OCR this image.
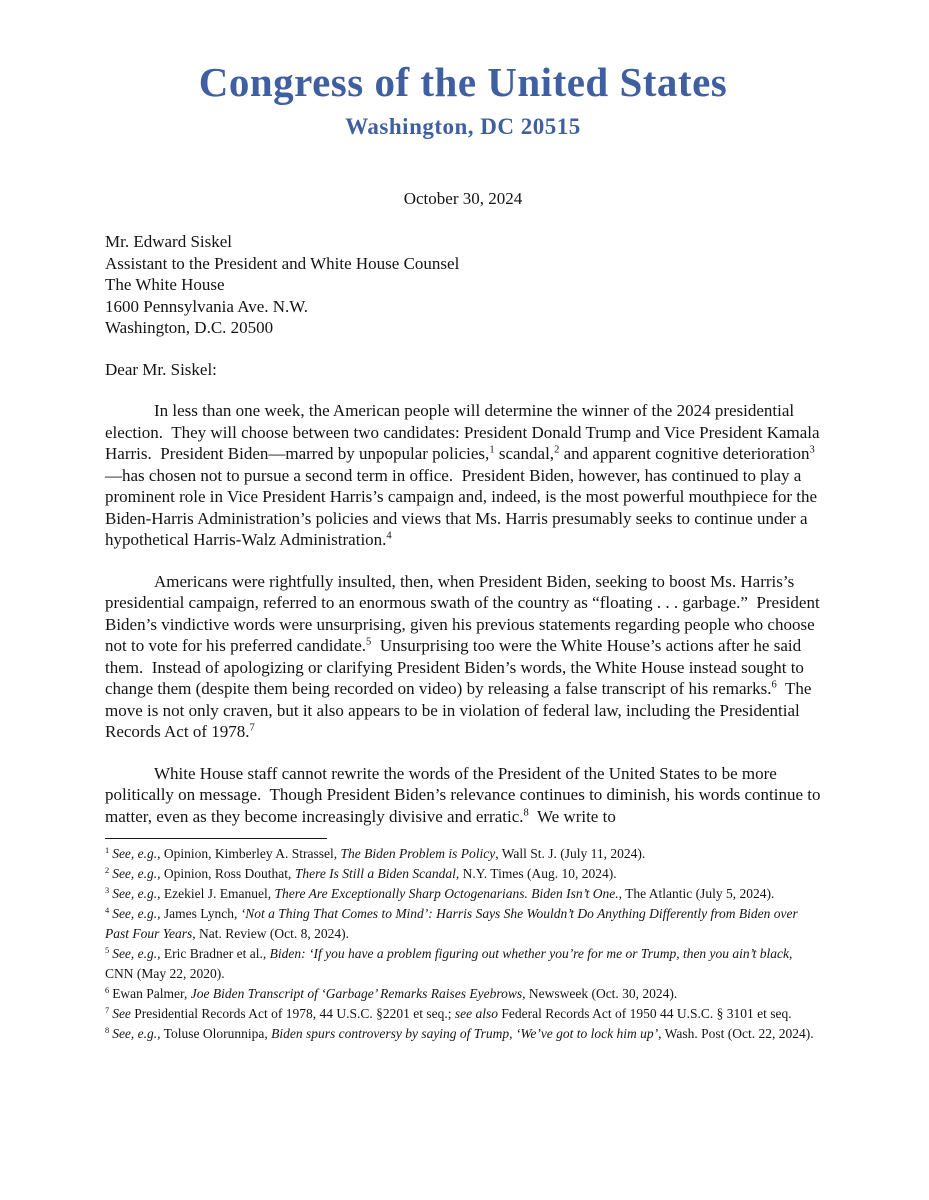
Congress of the United States
Washington, DC 20515
October 30, 2024
Mr. Edward Siskel
Assistant to the President and White House Counsel
The White House
1600 Pennsylvania Ave. N.W.
Washington, D.C. 20500
Dear Mr. Siskel:

In less than one week, the American people will determine the winner of the 2024 presidential election.  They will choose between two candidates: President Donald Trump and Vice President Kamala Harris.  President Biden—marred by unpopular policies,$^1$ scandal,$^2$ and apparent cognitive deterioration$^3$—has chosen not to pursue a second term in office.  President Biden, however, has continued to play a prominent role in Vice President Harris’s campaign and, indeed, is the most powerful mouthpiece for the Biden-Harris Administration’s policies and views that Ms. Harris presumably seeks to continue under a hypothetical Harris-Walz Administration.$^4$

Americans were rightfully insulted, then, when President Biden, seeking to boost Ms. Harris’s presidential campaign, referred to an enormous swath of the country as “floating . . . garbage.”  President Biden’s vindictive words were unsurprising, given his previous statements regarding people who choose not to vote for his preferred candidate.$^5$  Unsurprising too were the White House’s actions after he said them.  Instead of apologizing or clarifying President Biden’s words, the White House instead sought to change them (despite them being recorded on video) by releasing a false transcript of his remarks.$^6$  The move is not only craven, but it also appears to be in violation of federal law, including the Presidential Records Act of 1978.$^7$

White House staff cannot rewrite the words of the President of the United States to be more politically on message.  Though President Biden’s relevance continues to diminish, his words continue to matter, even as they become increasingly divisive and erratic.$^8$  We write to

$^1$ See, e.g., Opinion, Kimberley A. Strassel, The Biden Problem is Policy, Wall St. J. (July 11, 2024).
$^2$ See, e.g., Opinion, Ross Douthat, There Is Still a Biden Scandal, N.Y. Times (Aug. 10, 2024).
$^3$ See, e.g., Ezekiel J. Emanuel, There Are Exceptionally Sharp Octogenarians. Biden Isn’t One., The Atlantic (July 5, 2024).
$^4$ See, e.g., James Lynch, ‘Not a Thing That Comes to Mind’: Harris Says She Wouldn’t Do Anything Differently from Biden over Past Four Years, Nat. Review (Oct. 8, 2024).
$^5$ See, e.g., Eric Bradner et al., Biden: ‘If you have a problem figuring out whether you’re for me or Trump, then you ain’t black, CNN (May 22, 2020).
$^6$ Ewan Palmer, Joe Biden Transcript of ‘Garbage’ Remarks Raises Eyebrows, Newsweek (Oct. 30, 2024).
$^7$ See Presidential Records Act of 1978, 44 U.S.C. §2201 et seq.; see also Federal Records Act of 1950 44 U.S.C. § 3101 et seq.
$^8$ See, e.g., Toluse Olorunnipa, Biden spurs controversy by saying of Trump, ‘We’ve got to lock him up’, Wash. Post (Oct. 22, 2024).
